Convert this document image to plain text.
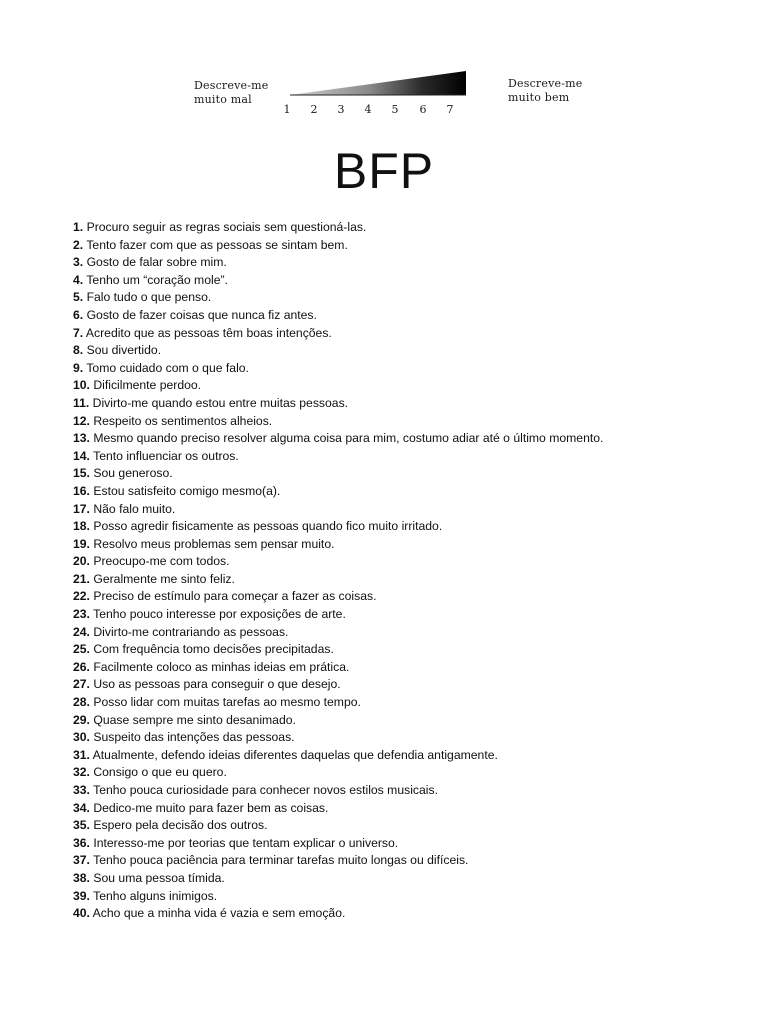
Descreve-me
muito mal
1 2 3 4 5 6 7
Descreve-me
muito bem
BFP
1. Procuro seguir as regras sociais sem questioná-las.
2. Tento fazer com que as pessoas se sintam bem.
3. Gosto de falar sobre mim.
4. Tenho um “coração mole”.
5. Falo tudo o que penso.
6. Gosto de fazer coisas que nunca fiz antes.
7. Acredito que as pessoas têm boas intenções.
8. Sou divertido.
9. Tomo cuidado com o que falo.
10. Dificilmente perdoo.
11. Divirto-me quando estou entre muitas pessoas.
12. Respeito os sentimentos alheios.
13. Mesmo quando preciso resolver alguma coisa para mim, costumo adiar até o último momento.
14. Tento influenciar os outros.
15. Sou generoso.
16. Estou satisfeito comigo mesmo(a).
17. Não falo muito.
18. Posso agredir fisicamente as pessoas quando fico muito irritado.
19. Resolvo meus problemas sem pensar muito.
20. Preocupo-me com todos.
21. Geralmente me sinto feliz.
22. Preciso de estímulo para começar a fazer as coisas.
23. Tenho pouco interesse por exposições de arte.
24. Divirto-me contrariando as pessoas.
25. Com frequência tomo decisões precipitadas.
26. Facilmente coloco as minhas ideias em prática.
27. Uso as pessoas para conseguir o que desejo.
28. Posso lidar com muitas tarefas ao mesmo tempo.
29. Quase sempre me sinto desanimado.
30. Suspeito das intenções das pessoas.
31. Atualmente, defendo ideias diferentes daquelas que defendia antigamente.
32. Consigo o que eu quero.
33. Tenho pouca curiosidade para conhecer novos estilos musicais.
34. Dedico-me muito para fazer bem as coisas.
35. Espero pela decisão dos outros.
36. Interesso-me por teorias que tentam explicar o universo.
37. Tenho pouca paciência para terminar tarefas muito longas ou difíceis.
38. Sou uma pessoa tímida.
39. Tenho alguns inimigos.
40. Acho que a minha vida é vazia e sem emoção.
